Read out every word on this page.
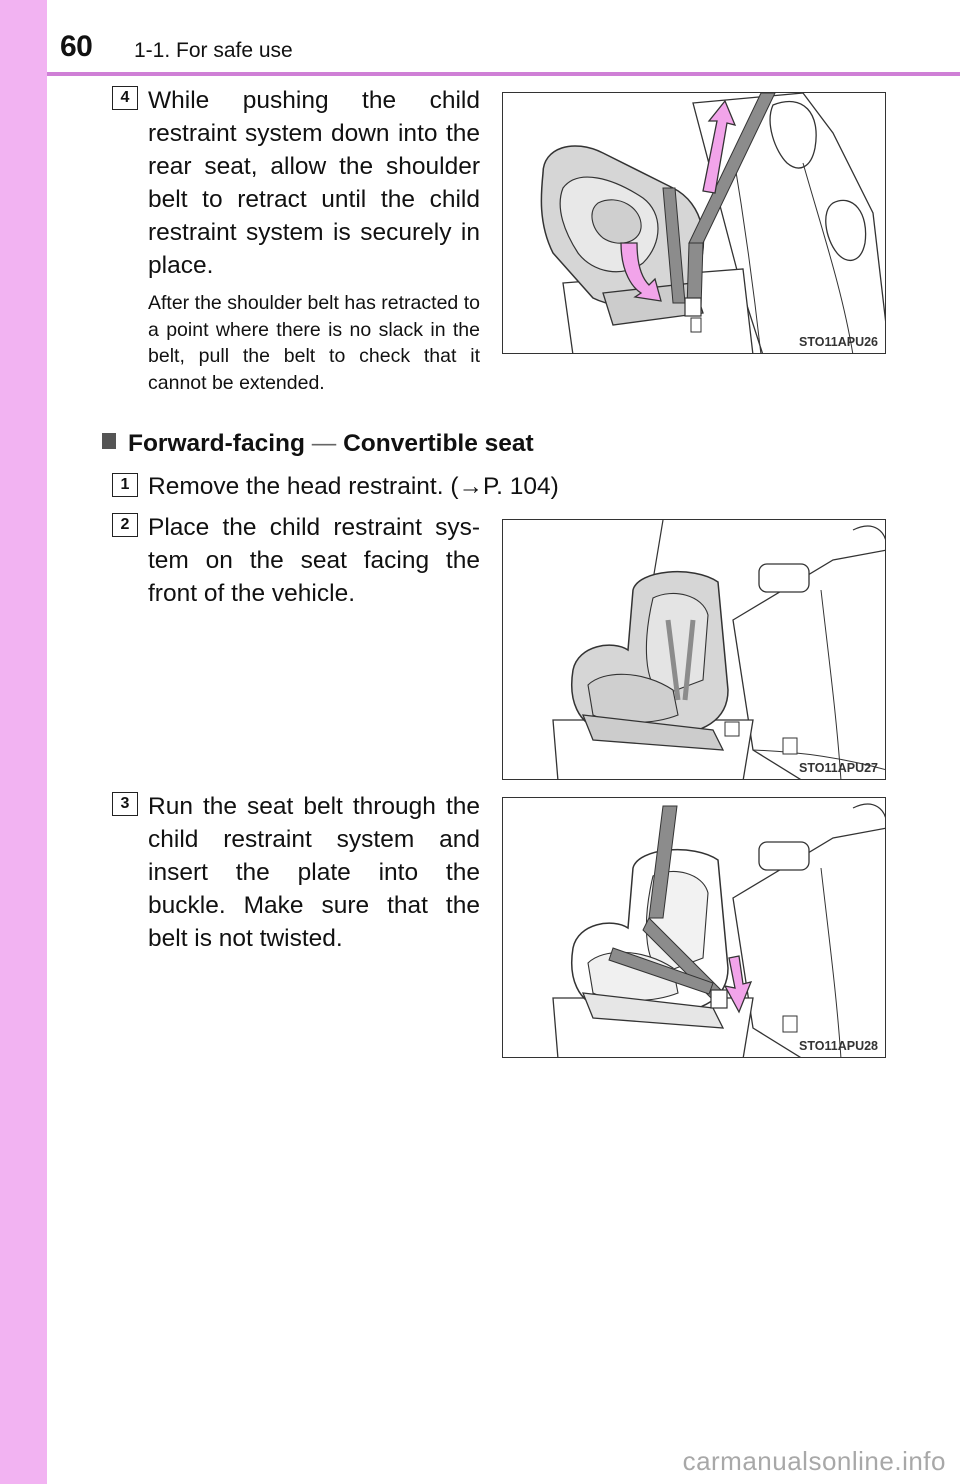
60 1-1. For safe use
4 While pushing the child restraint system down into the rear seat, allow the shoulder belt to retract until the child restraint system is securely in place.

After the shoulder belt has retracted to a point where there is no slack in the belt, pull the belt to check that it cannot be extended.

STO11APU26
Forward-facing — Convertible seat
1 Remove the head restraint. (→P. 104)
2 Place the child restraint sys-tem on the seat facing the front of the vehicle.

STO11APU27
3 Run the seat belt through the child restraint system and insert the plate into the buckle. Make sure that the belt is not twisted.

STO11APU28
carmanualsonline.info
